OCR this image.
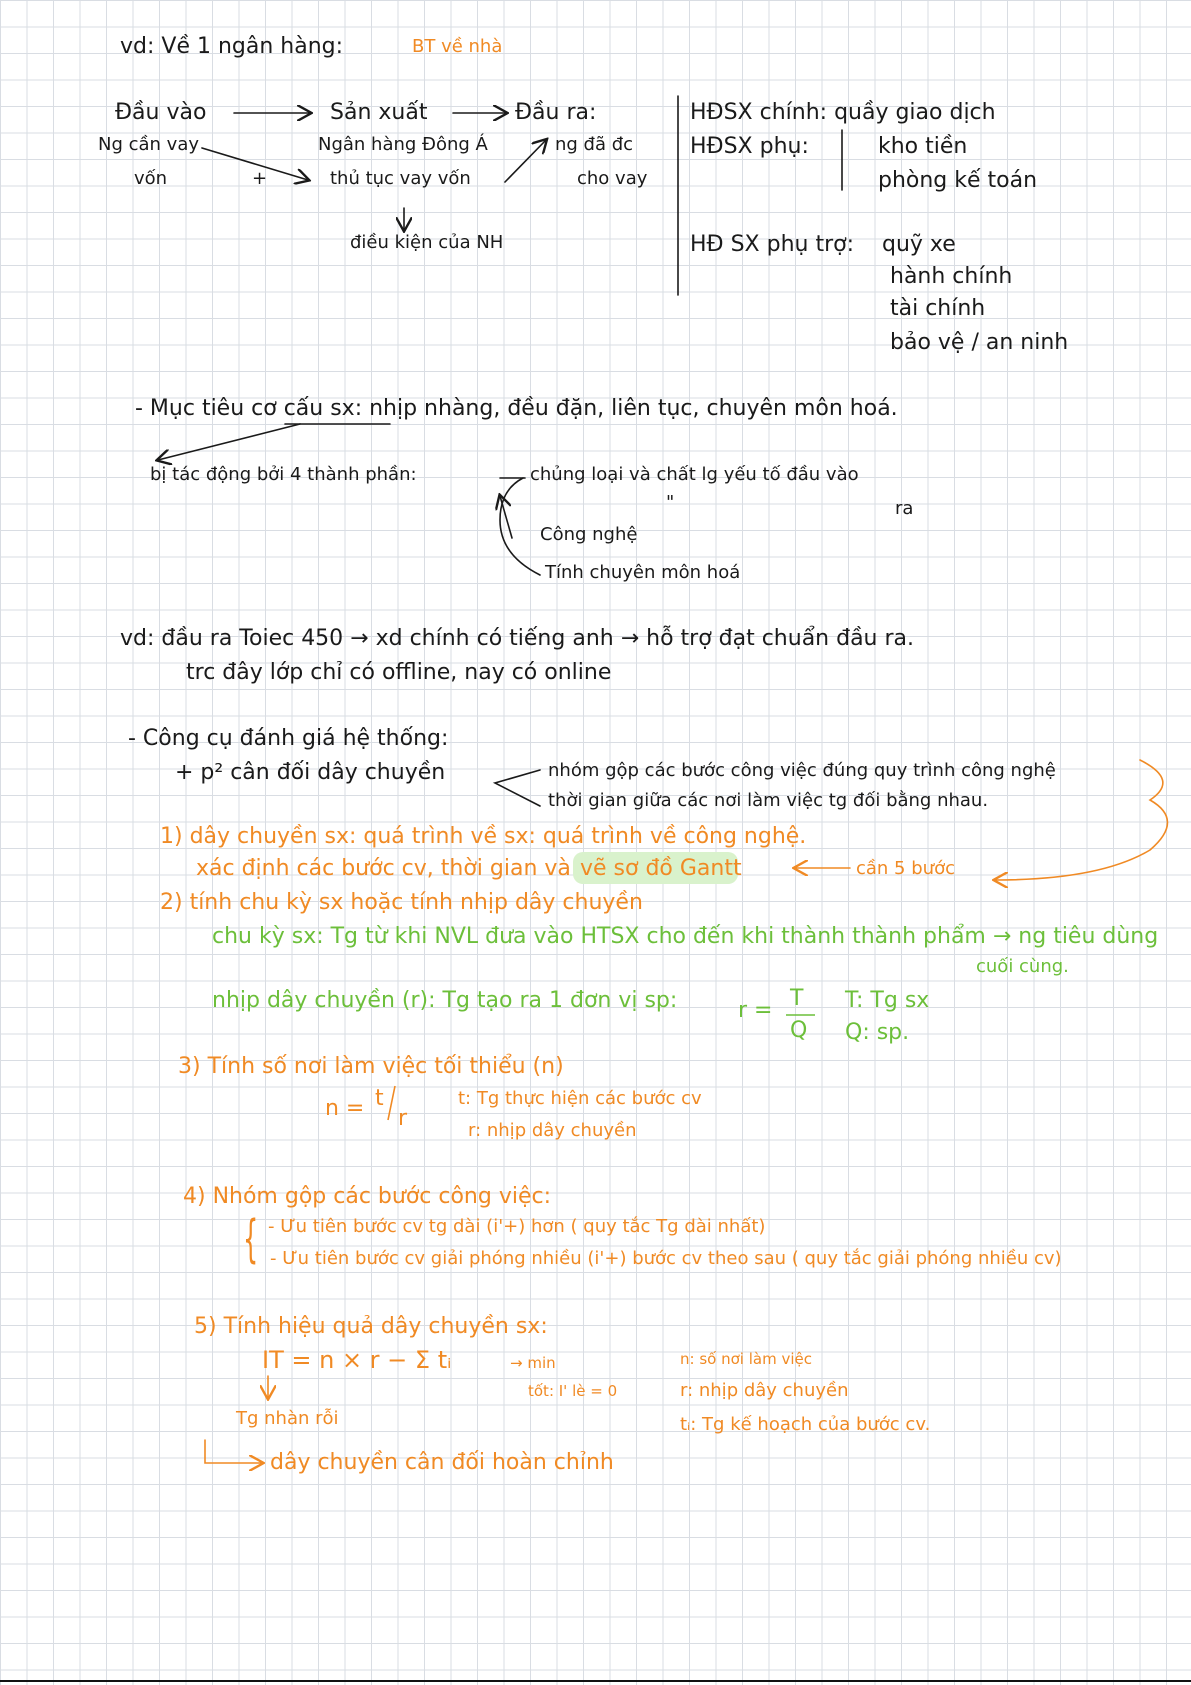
vd: Về 1 ngân hàng:	BT về nhà
Đầu vào	Sản xuất	Đầu ra:
Ng cần vay
vốn	+
Ngân hàng Đông Á
thủ tục vay vốn
điều kiện của NH
ng đã đc
cho vay
HĐSX chính: quầy giao dịch
HĐSX phụ:	kho tiền
phòng kế toán
HĐ SX phụ trợ: quỹ xe
hành chính
tài chính
bảo vệ / an ninh
- Mục tiêu cơ cấu sx: nhịp nhàng, đều đặn, liên tục, chuyên môn hoá.
bị tác động bởi 4 thành phần:	chủng loại và chất lg yếu tố đầu vào
"	ra
Công nghệ
Tính chuyên môn hoá
vd: đầu ra Toiec 450 → xd chính có tiếng anh → hỗ trợ đạt chuẩn đầu ra.
trc đây lớp chỉ có offline, nay có online
- Công cụ đánh giá hệ thống:
+ p² cân đối dây chuyền	nhóm gộp các bước công việc đúng quy trình công nghệ
thời gian giữa các nơi làm việc tg đối bằng nhau.
1) dây chuyền sx: quá trình về sx: quá trình về công nghệ.
xác định các bước cv, thời gian và vẽ sơ đồ Gantt	cần 5 bước
2) tính chu kỳ sx hoặc tính nhịp dây chuyền
chu kỳ sx: Tg từ khi NVL đưa vào HTSX cho đến khi thành thành phẩm → ng tiêu dùng
cuối cùng.
nhịp dây chuyền (r): Tg tạo ra 1 đơn vị sp:	r = T
Q
T: Tg sx
Q: sp.
3) Tính số nơi làm việc tối thiểu (n)
n = t
r
t: Tg thực hiện các bước cv
r: nhịp dây chuyền
4) Nhóm gộp các bước công việc:
{ - Ưu tiên bước cv tg dài (i'+) hơn ( quy tắc Tg dài nhất)
- Ưu tiên bước cv giải phóng nhiều (i'+) bước cv theo sau ( quy tắc giải phóng nhiều cv)
5) Tính hiệu quả dây chuyền sx:
IT = n × r − Σ tᵢ	→ min
tốt: I' lè = 0
Tg nhàn rỗi
n: số nơi làm việc
r: nhịp dây chuyền
tᵢ: Tg kế hoạch của bước cv.
dây chuyền cân đối hoàn chỉnh
